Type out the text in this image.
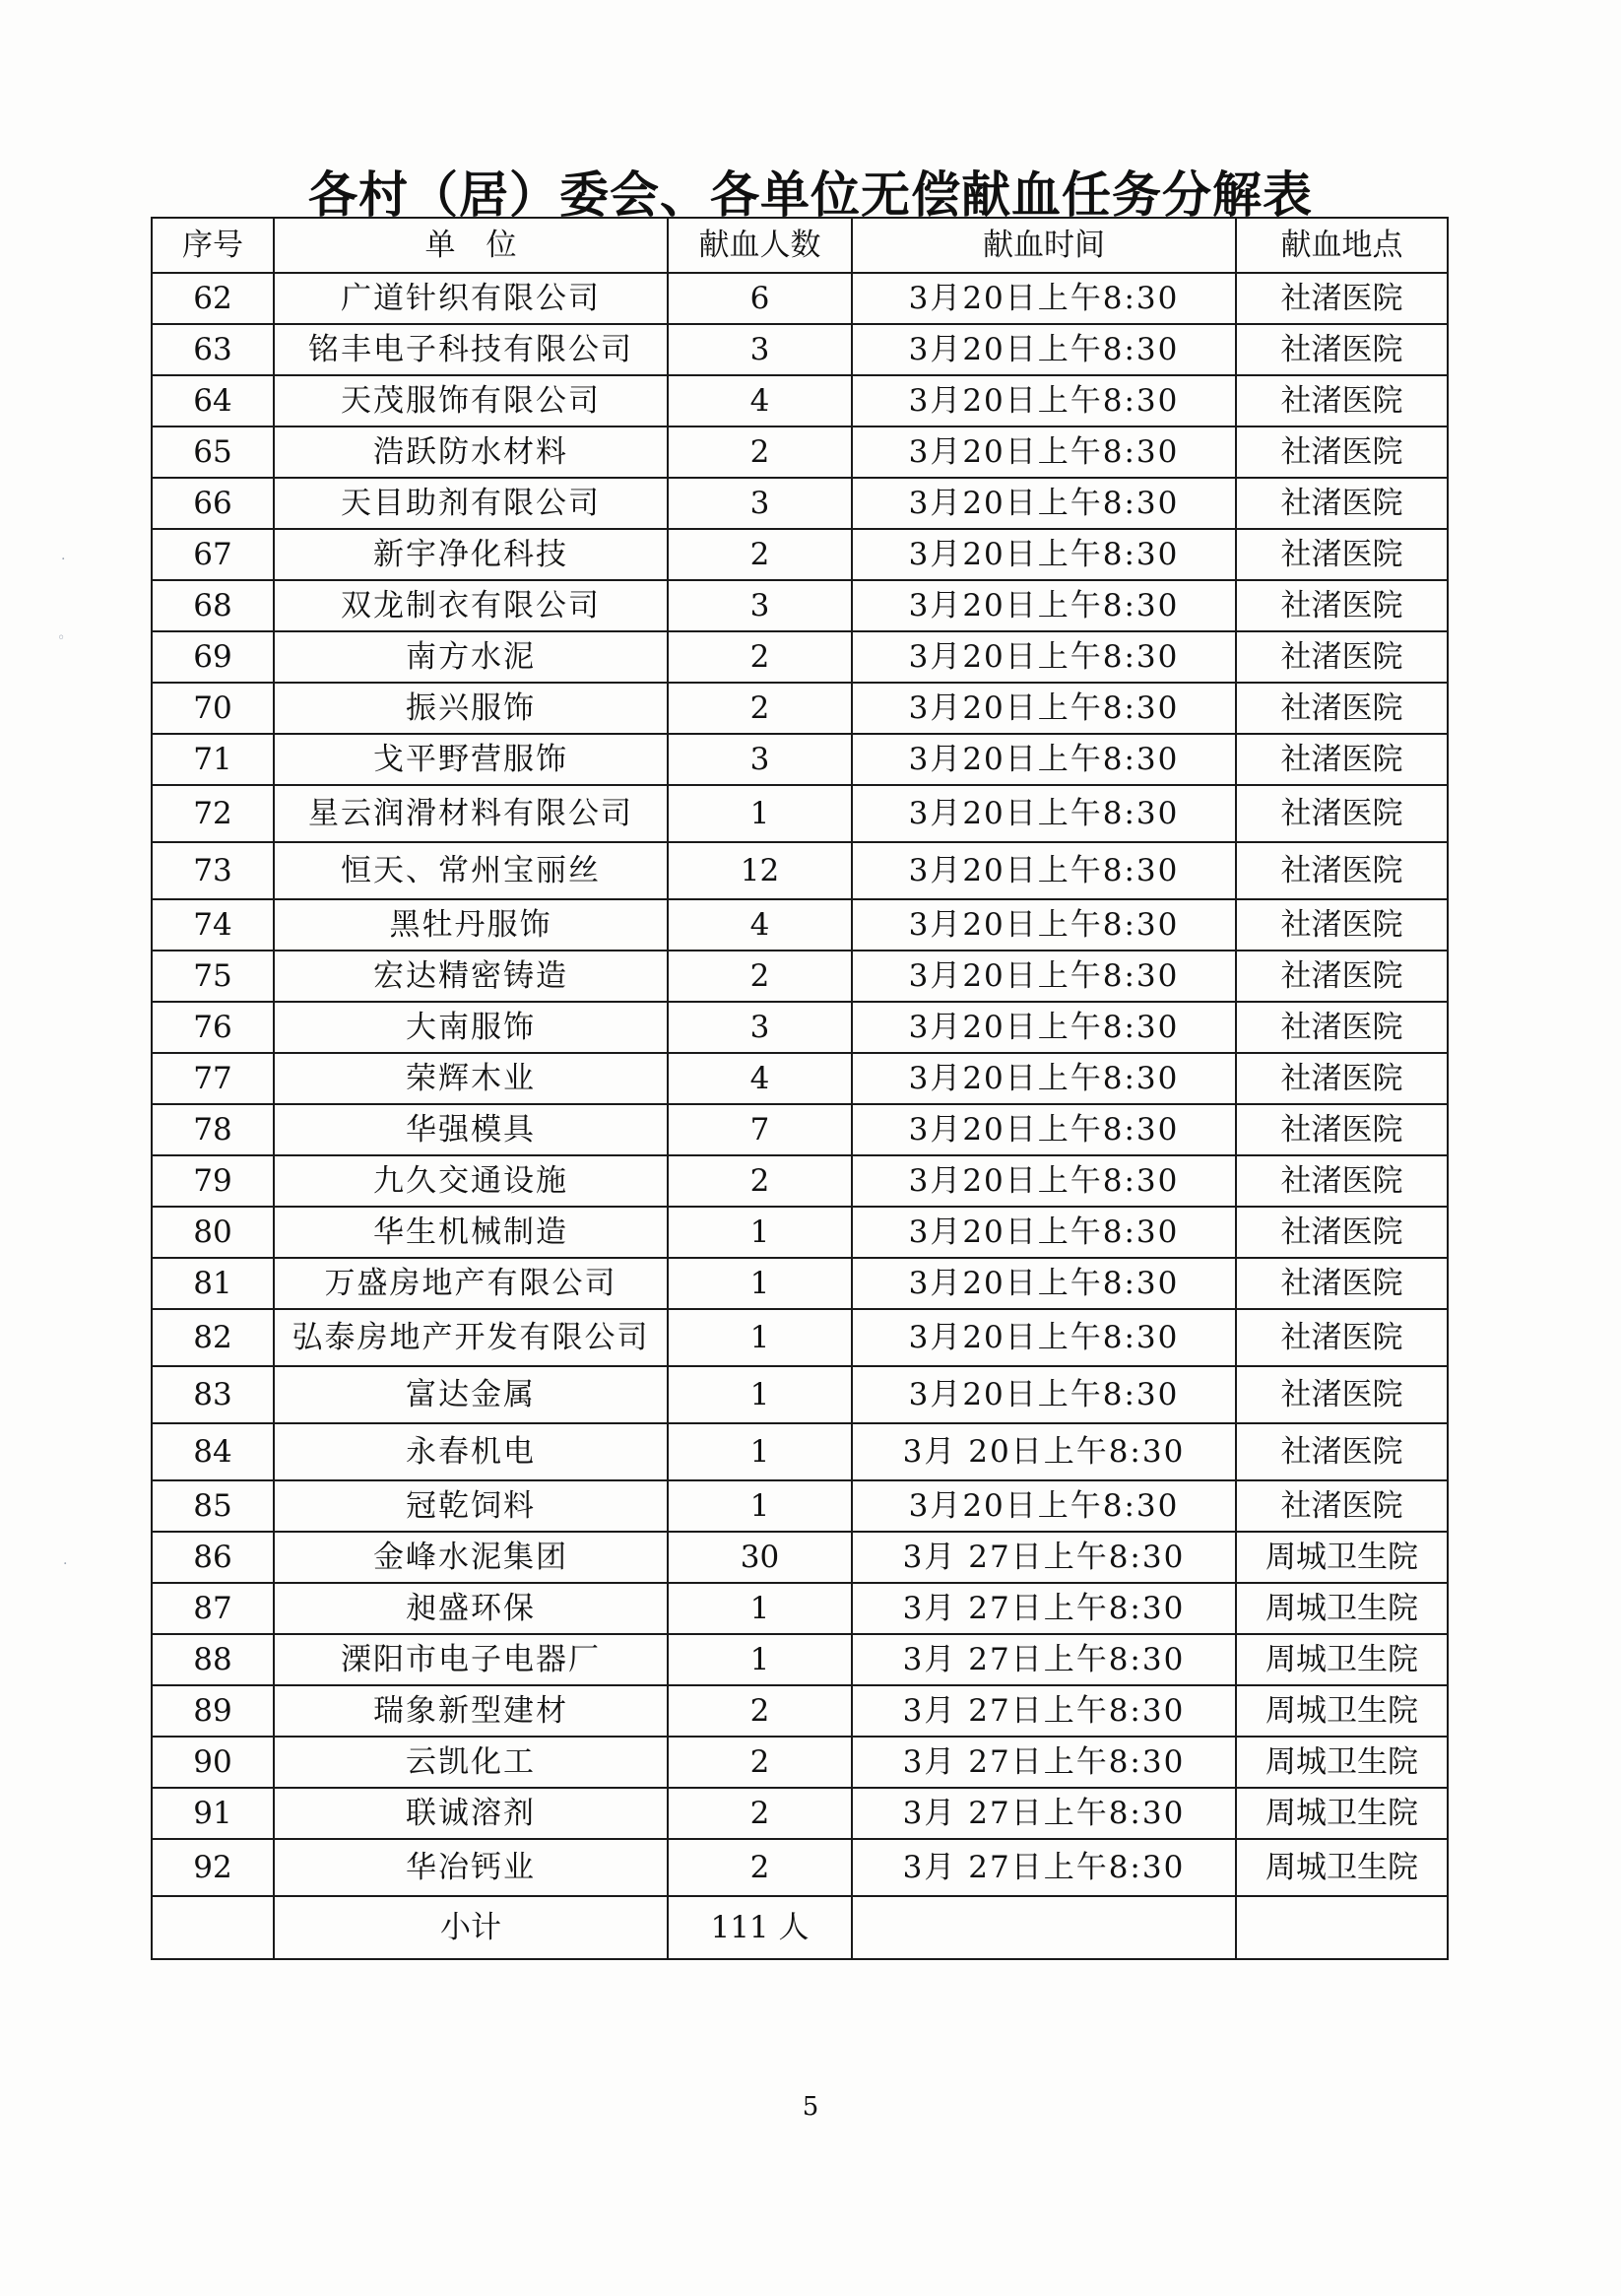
各村（居）委会、各单位无偿献血任务分解表
序号	单　位	献血人数	献血时间	献血地点
62	广道针织有限公司	6	3月20日上午8:30	社渚医院
63	铭丰电子科技有限公司	3	3月20日上午8:30	社渚医院
64	天茂服饰有限公司	4	3月20日上午8:30	社渚医院
65	浩跃防水材料	2	3月20日上午8:30	社渚医院
66	天目助剂有限公司	3	3月20日上午8:30	社渚医院
67	新宇净化科技	2	3月20日上午8:30	社渚医院
68	双龙制衣有限公司	3	3月20日上午8:30	社渚医院
69	南方水泥	2	3月20日上午8:30	社渚医院
70	振兴服饰	2	3月20日上午8:30	社渚医院
71	戈平野营服饰	3	3月20日上午8:30	社渚医院
72	星云润滑材料有限公司	1	3月20日上午8:30	社渚医院
73	恒天、常州宝丽丝	12	3月20日上午8:30	社渚医院
74	黑牡丹服饰	4	3月20日上午8:30	社渚医院
75	宏达精密铸造	2	3月20日上午8:30	社渚医院
76	大南服饰	3	3月20日上午8:30	社渚医院
77	荣辉木业	4	3月20日上午8:30	社渚医院
78	华强模具	7	3月20日上午8:30	社渚医院
79	九久交通设施	2	3月20日上午8:30	社渚医院
80	华生机械制造	1	3月20日上午8:30	社渚医院
81	万盛房地产有限公司	1	3月20日上午8:30	社渚医院
82	弘泰房地产开发有限公司	1	3月20日上午8:30	社渚医院
83	富达金属	1	3月20日上午8:30	社渚医院
84	永春机电	1	3月 20日上午8:30	社渚医院
85	冠乾饲料	1	3月20日上午8:30	社渚医院
86	金峰水泥集团	30	3月 27日上午8:30	周城卫生院
87	昶盛环保	1	3月 27日上午8:30	周城卫生院
88	溧阳市电子电器厂	1	3月 27日上午8:30	周城卫生院
89	瑞象新型建材	2	3月 27日上午8:30	周城卫生院
90	云凯化工	2	3月 27日上午8:30	周城卫生院
91	联诚溶剂	2	3月 27日上午8:30	周城卫生院
92	华冶钙业	2	3月 27日上午8:30	周城卫生院
	小计	111 人		
5
·
◦
·
